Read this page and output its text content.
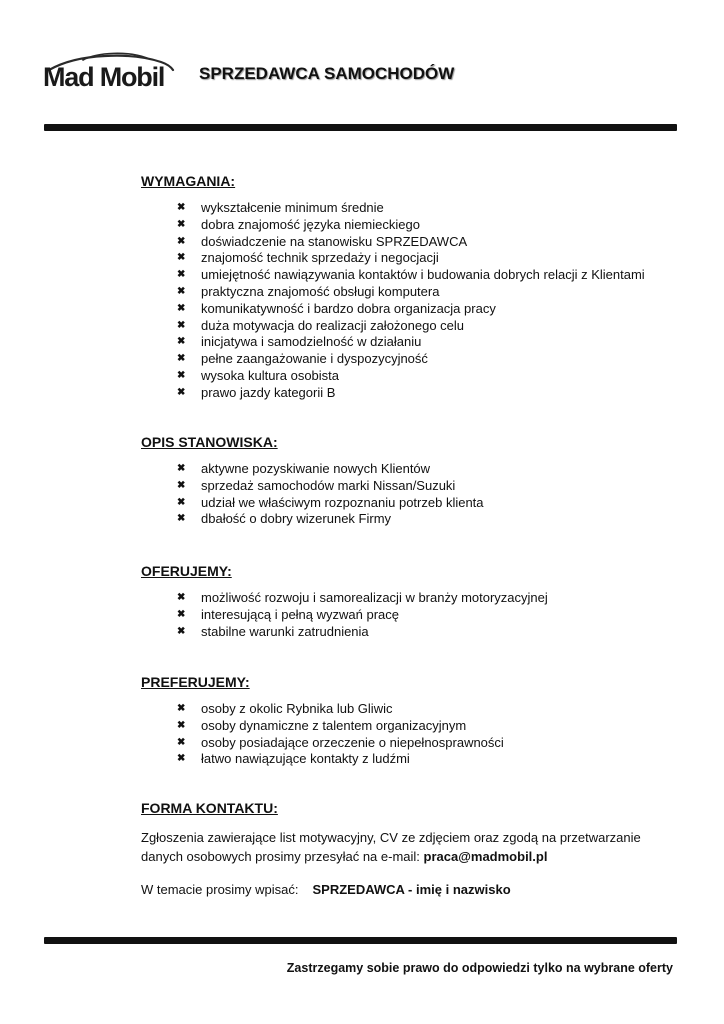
Mad Mobil SPRZEDAWCA SAMOCHODÓW
WYMAGANIA:
✖ wykształcenie minimum średnie
✖ dobra znajomość języka niemieckiego
✖ doświadczenie na stanowisku SPRZEDAWCA
✖ znajomość technik sprzedaży i negocjacji
✖ umiejętność nawiązywania kontaktów i budowania dobrych relacji z Klientami
✖ praktyczna znajomość obsługi komputera
✖ komunikatywność i bardzo dobra organizacja pracy
✖ duża motywacja do realizacji założonego celu
✖ inicjatywa i samodzielność w działaniu
✖ pełne zaangażowanie i dyspozycyjność
✖ wysoka kultura osobista
✖ prawo jazdy kategorii B
OPIS STANOWISKA:
✖ aktywne pozyskiwanie nowych Klientów
✖ sprzedaż samochodów marki Nissan/Suzuki
✖ udział we właściwym rozpoznaniu potrzeb klienta
✖ dbałość o dobry wizerunek Firmy
OFERUJEMY:
✖ możliwość rozwoju i samorealizacji w branży motoryzacyjnej
✖ interesującą i pełną wyzwań pracę
✖ stabilne warunki zatrudnienia
PREFERUJEMY:
✖ osoby z okolic Rybnika lub Gliwic
✖ osoby dynamiczne z talentem organizacyjnym
✖ osoby posiadające orzeczenie o niepełnosprawności
✖ łatwo nawiązujące kontakty z ludźmi
FORMA KONTAKTU:

Zgłoszenia zawierające list motywacyjny, CV ze zdjęciem oraz zgodą na przetwarzanie danych osobowych prosimy przesyłać na e-mail: praca@madmobil.pl

W temacie prosimy wpisać: SPRZEDAWCA - imię i nazwisko

Zastrzegamy sobie prawo do odpowiedzi tylko na wybrane oferty
